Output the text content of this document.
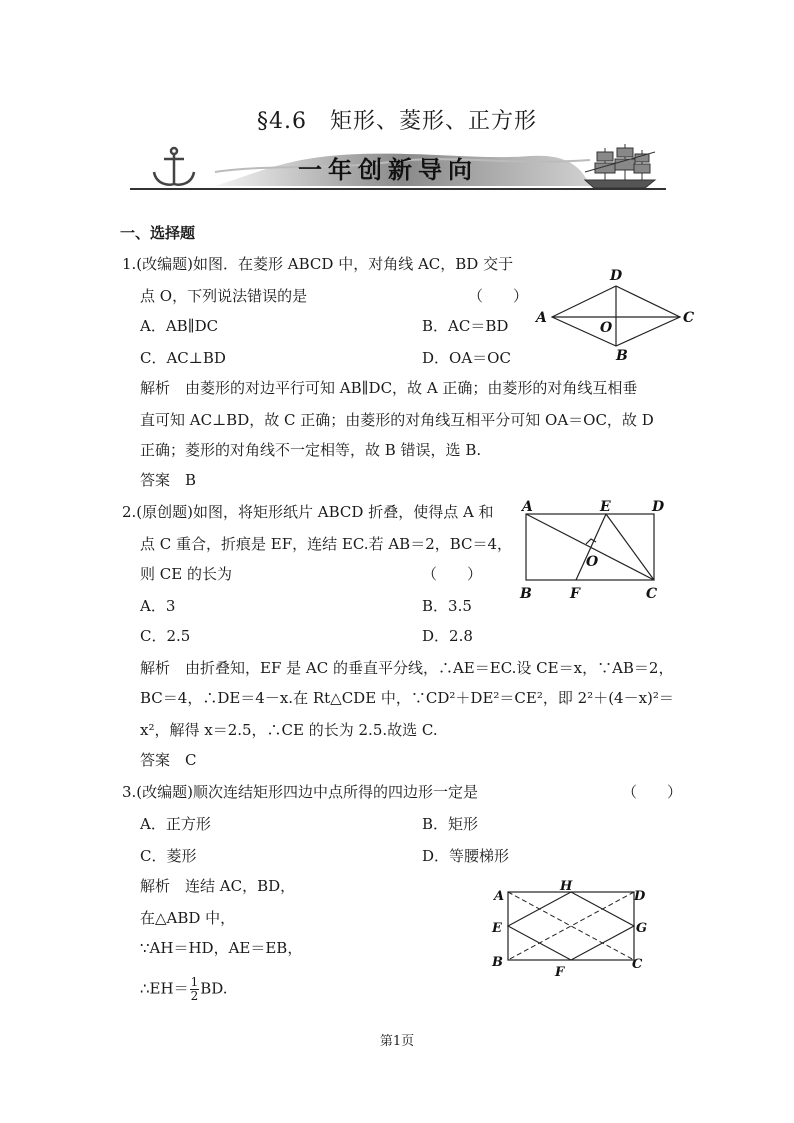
§4.6　矩形、菱形、正方形
一年创新导向
一、选择题
1.(改编题)如图．在菱形 ABCD 中，对角线 AC，BD 交于
点 O，下列说法错误的是	（　　）
A．AB∥DC	B．AC＝BD
C．AC⊥BD	D．OA＝OC
解析　由菱形的对边平行可知 AB∥DC，故 A 正确；由菱形的对角线互相垂
直可知 AC⊥BD，故 C 正确；由菱形的对角线互相平分可知 OA＝OC，故 D
正确；菱形的对角线不一定相等，故 B 错误，选 B.
答案　B
D
A	C
O
B
2.(原创题)如图，将矩形纸片 ABCD 折叠，使得点 A 和
点 C 重合，折痕是 EF，连结 EC.若 AB＝2，BC＝4，
则 CE 的长为	（　　）
A．3	B．3.5
C．2.5	D．2.8
解析　由折叠知，EF 是 AC 的垂直平分线，∴AE＝EC.设 CE＝x，∵AB＝2，
BC＝4，∴DE＝4－x.在 Rt△CDE 中，∵CD²＋DE²＝CE²，即 2²＋(4－x)²＝
x²，解得 x＝2.5，∴CE 的长为 2.5.故选 C.
答案　C
A	E	D
O
B	F	C
3.(改编题)顺次连结矩形四边中点所得的四边形一定是	（　　）
A．正方形	B．矩形
C．菱形	D．等腰梯形
解析　连结 AC，BD，
在△ABD 中，
∵AH＝HD，AE＝EB，
∴EH＝ $\frac{1}{2}$ BD.
A
H
D
E	G
B
F
C
第1页
